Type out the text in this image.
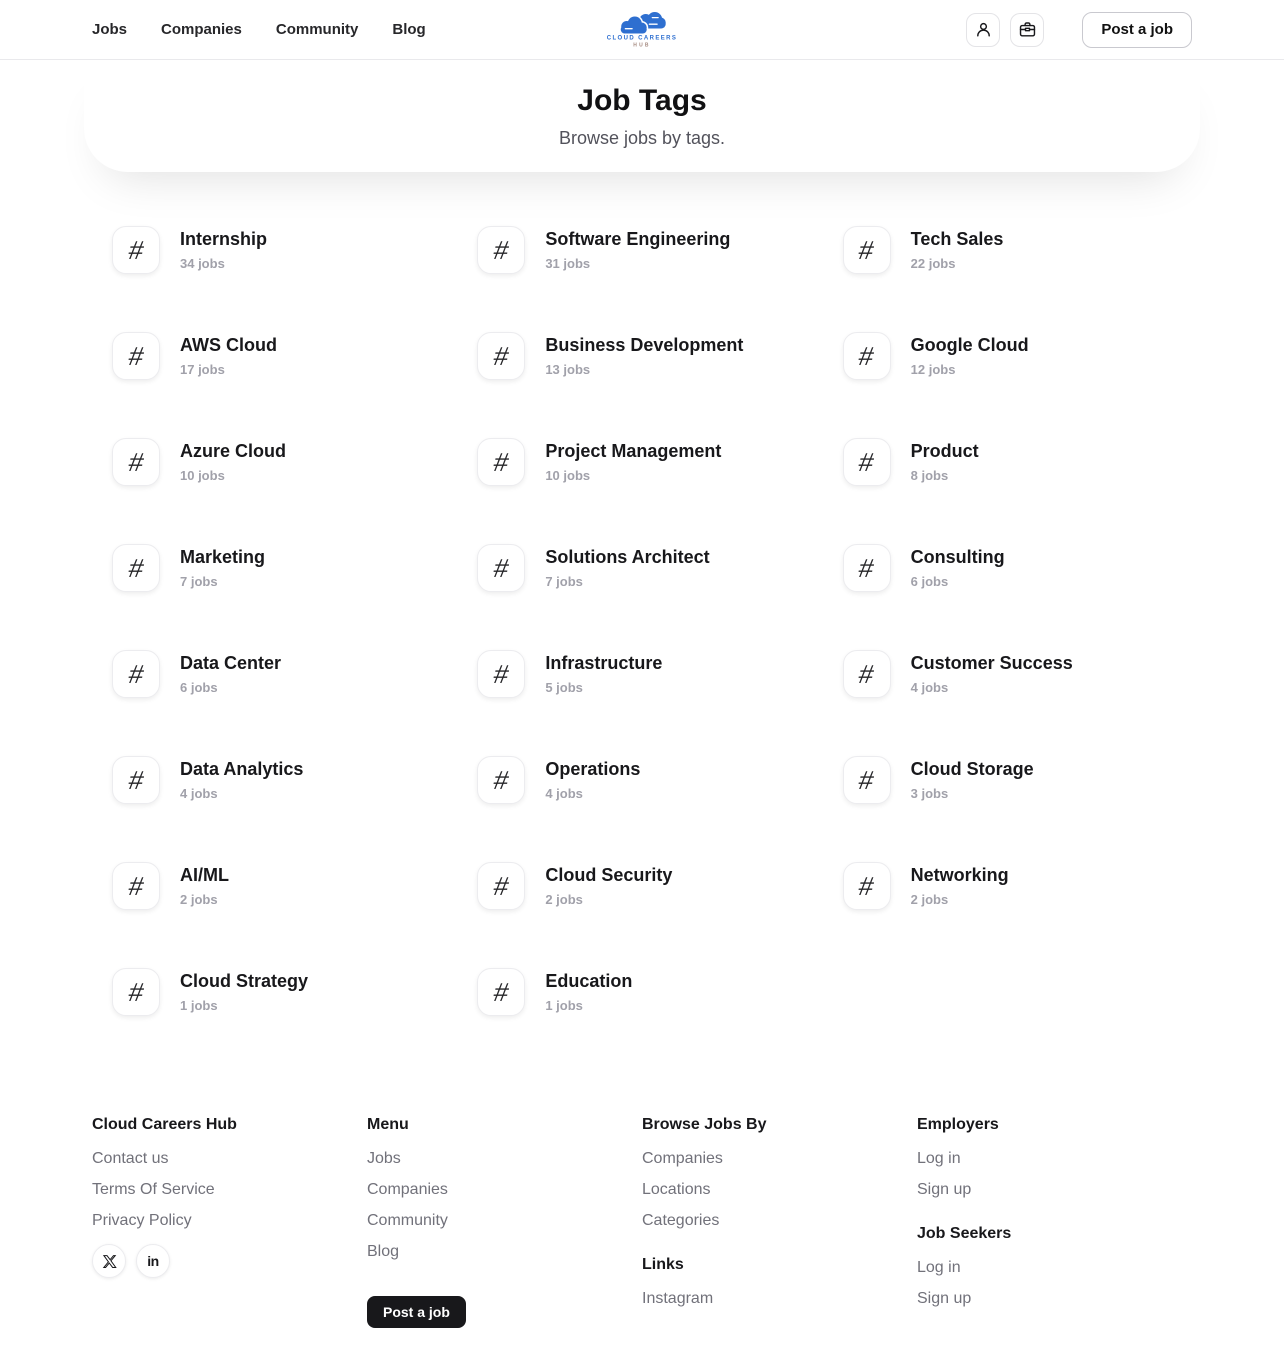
Jobs Companies Community Blog	CLOUD CAREERS
HUB
Post a job
Job Tags

Browse jobs by tags.

# Internship
34 jobs	# Software Engineering
31 jobs	# Tech Sales
22 jobs
# AWS Cloud
17 jobs	# Business Development
13 jobs	# Google Cloud
12 jobs
# Azure Cloud
10 jobs	# Project Management
10 jobs	# Product
8 jobs
# Marketing
7 jobs	# Solutions Architect
7 jobs	# Consulting
6 jobs
# Data Center
6 jobs	# Infrastructure
5 jobs	# Customer Success
4 jobs
# Data Analytics
4 jobs	# Operations
4 jobs	# Cloud Storage
3 jobs
# AI/ML
2 jobs	# Cloud Security
2 jobs	# Networking
2 jobs
# Cloud Strategy
1 jobs	# Education
1 jobs
Cloud Careers Hub
Contact us
Terms Of Service
Privacy Policy
in
Menu
Jobs
Companies
Community
Blog
Post a job
Browse Jobs By
Companies
Locations
Categories
Links
Instagram
Employers
Log in
Sign up
Job Seekers
Log in
Sign up
